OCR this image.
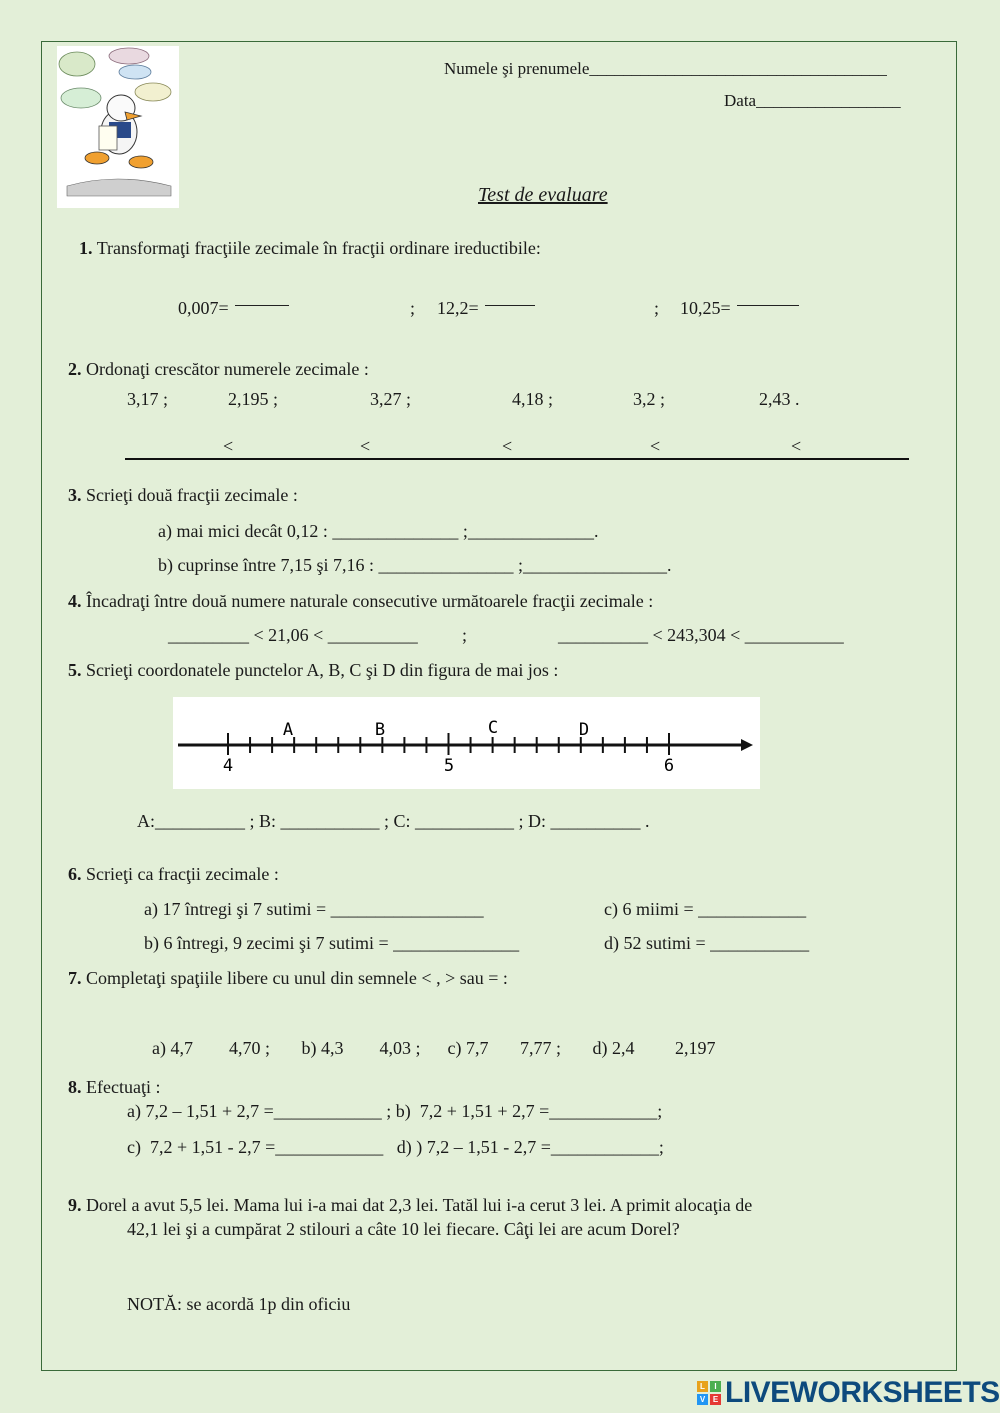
Numele şi prenumele___________________________________
Data_________________
Test de evaluare
1. Transformaţi fracţiile zecimale în fracţii ordinare ireductibile:
0,007=	; 12,2=	; 10,25=
2. Ordonaţi crescător numerele zecimale :
3,17 ;	2,195 ;	3,27 ;	4,18 ;	3,2 ;	2,43 .
<	<	<	<	<
3. Scrieţi două fracţii zecimale :
a) mai mici decât 0,12 : ______________ ;______________.
b) cuprinse între 7,15 şi 7,16 : _______________ ;________________.
4. Încadraţi între două numere naturale consecutive următoarele fracţii zecimale :
_________ < 21,06 < __________ ;	__________ < 243,304 < ___________
5. Scrieţi coordonatele punctelor A, B, C şi D din figura de mai jos :
A	B	C	D
4	5	6
A:__________ ; B: ___________ ; C: ___________ ; D: __________ .
6. Scrieţi ca fracţii zecimale :
a) 17 întregi şi 7 sutimi = _________________	c) 6 miimi = ____________
b) 6 întregi, 9 zecimi şi 7 sutimi = ______________	d) 52 sutimi = ___________
7. Completaţi spaţiile libere cu unul din semnele < , > sau = :
a) 4,7        4,70 ;       b) 4,3        4,03 ;      c) 7,7       7,77 ;       d) 2,4         2,197
8. Efectuaţi :
a) 7,2 – 1,51 + 2,7 =____________ ; b)  7,2 + 1,51 + 2,7 =____________;
c)  7,2 + 1,51 - 2,7 =____________   d) ) 7,2 – 1,51 - 2,7 =____________;
9. Dorel a avut 5,5 lei. Mama lui i-a mai dat 2,3 lei. Tatăl lui i-a cerut 3 lei. A primit alocaţia de
42,1 lei şi a cumpărat 2 stilouri a câte 10 lei fiecare. Câţi lei are acum Dorel?
NOTĂ: se acordă 1p din oficiu
L	I
V E LIVEWORKSHEETS
